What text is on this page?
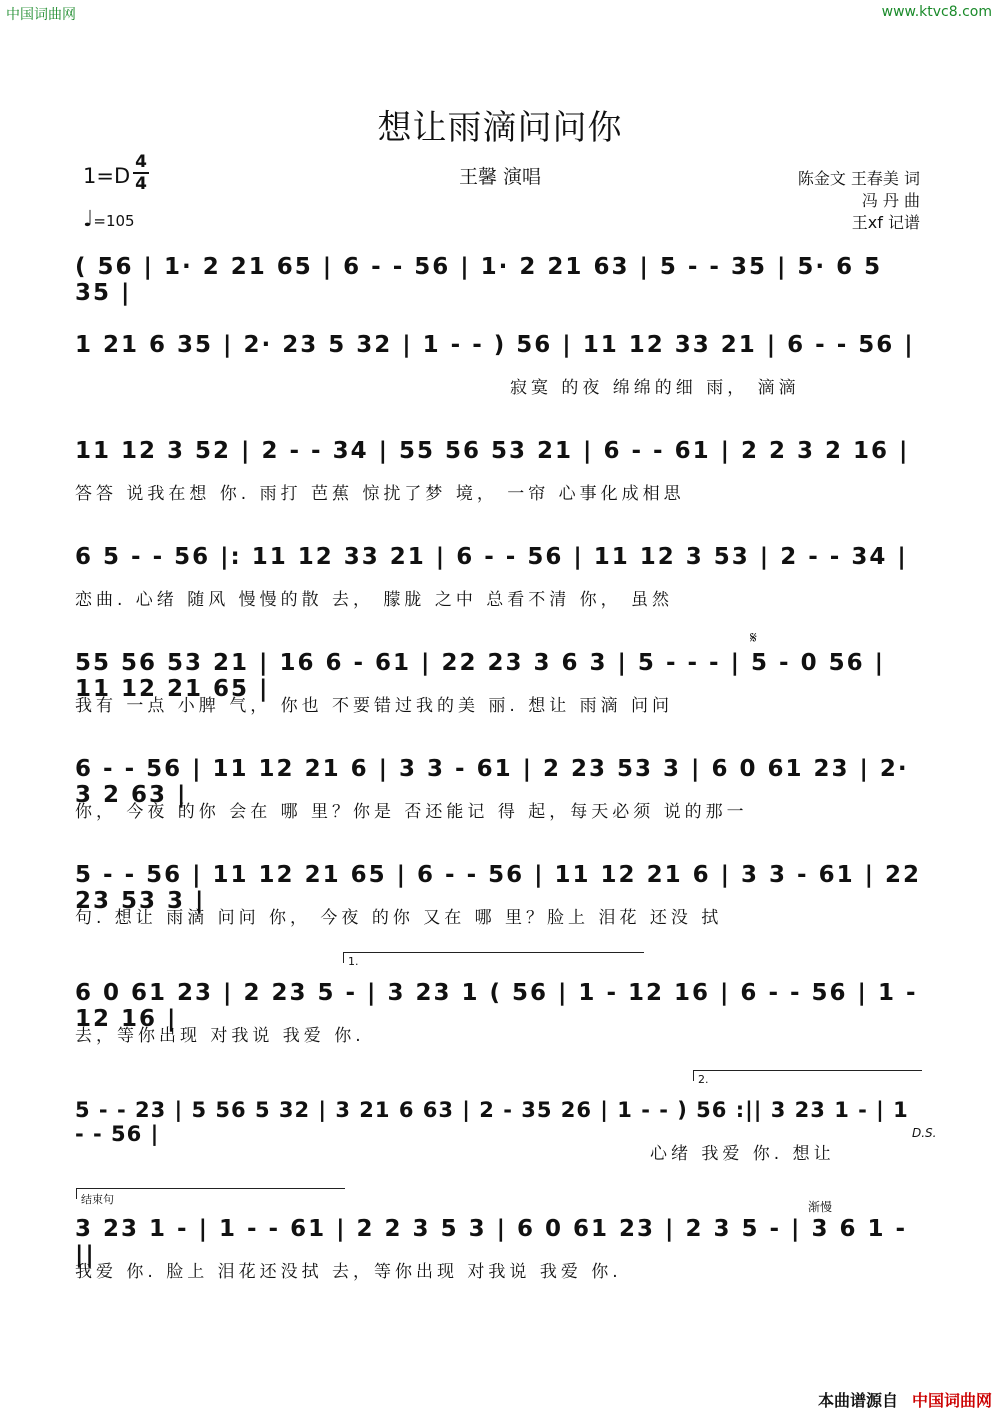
中国词曲网	www.ktvc8.com
想让雨滴问问你
王馨 演唱
1=D
4
4
♩=105
陈金文 王春美 词
冯 丹 曲
王xf 记谱
( 56 | 1· 2 21 65 | 6 - - 56 | 1· 2 21 63 | 5 - - 35 | 5· 6 5 35 |
1 21 6 35 | 2· 23 5 32 | 1 - - ) 56 | 11 12 33 21 | 6 - - 56 |
寂寞 的夜 绵绵的细 雨， 滴滴
11 12 3 52 | 2 - - 34 | 55 56 53 21 | 6 - - 61 | 2 2 3 2 16 |
答答 说我在想 你. 雨打 芭蕉 惊扰了梦 境， 一帘 心事化成相思
6 5 - - 56 |: 11 12 33 21 | 6 - - 56 | 11 12 3 53 | 2 - - 34 |
恋曲. 心绪 随风 慢慢的散 去， 朦胧 之中 总看不清 你， 虽然
𝄋
55 56 53 21 | 16 6 - 61 | 22 23 3 6 3 | 5 - - - | 5 - 0 56 | 11 12 21 65 |
我有 一点 小脾 气， 你也 不要错过我的美 丽. 想让 雨滴 问问
6 - - 56 | 11 12 21 6 | 3 3 - 61 | 2 23 53 3 | 6 0 61 23 | 2· 3 2 63 |
你， 今夜 的你 会在 哪 里？你是 否还能记 得 起，每天必须 说的那一
5 - - 56 | 11 12 21 65 | 6 - - 56 | 11 12 21 6 | 3 3 - 61 | 22 23 53 3 |
句. 想让 雨滴 问问 你， 今夜 的你 又在 哪 里？脸上 泪花 还没 拭
1.
6 0 61 23 | 2 23 5 - | 3 23 1 ( 56 | 1 - 12 16 | 6 - - 56 | 1 - 12 16 |
去，等你出现 对我说 我爱 你.
2.
5 - - 23 | 5 56 5 32 | 3 21 6 63 | 2 - 35 26 | 1 - - ) 56 :|| 3 23 1 - | 1 - - 56 |
心绪 我爱 你. 想让
D.S.
结束句
渐慢
3 23 1 - | 1 - - 61 | 2 2 3 5 3 | 6 0 61 23 | 2 3 5 - | 3 6 1 - ||
我爱 你. 脸上 泪花还没拭 去，等你出现 对我说 我爱 你.
本曲谱源自 中国词曲网
